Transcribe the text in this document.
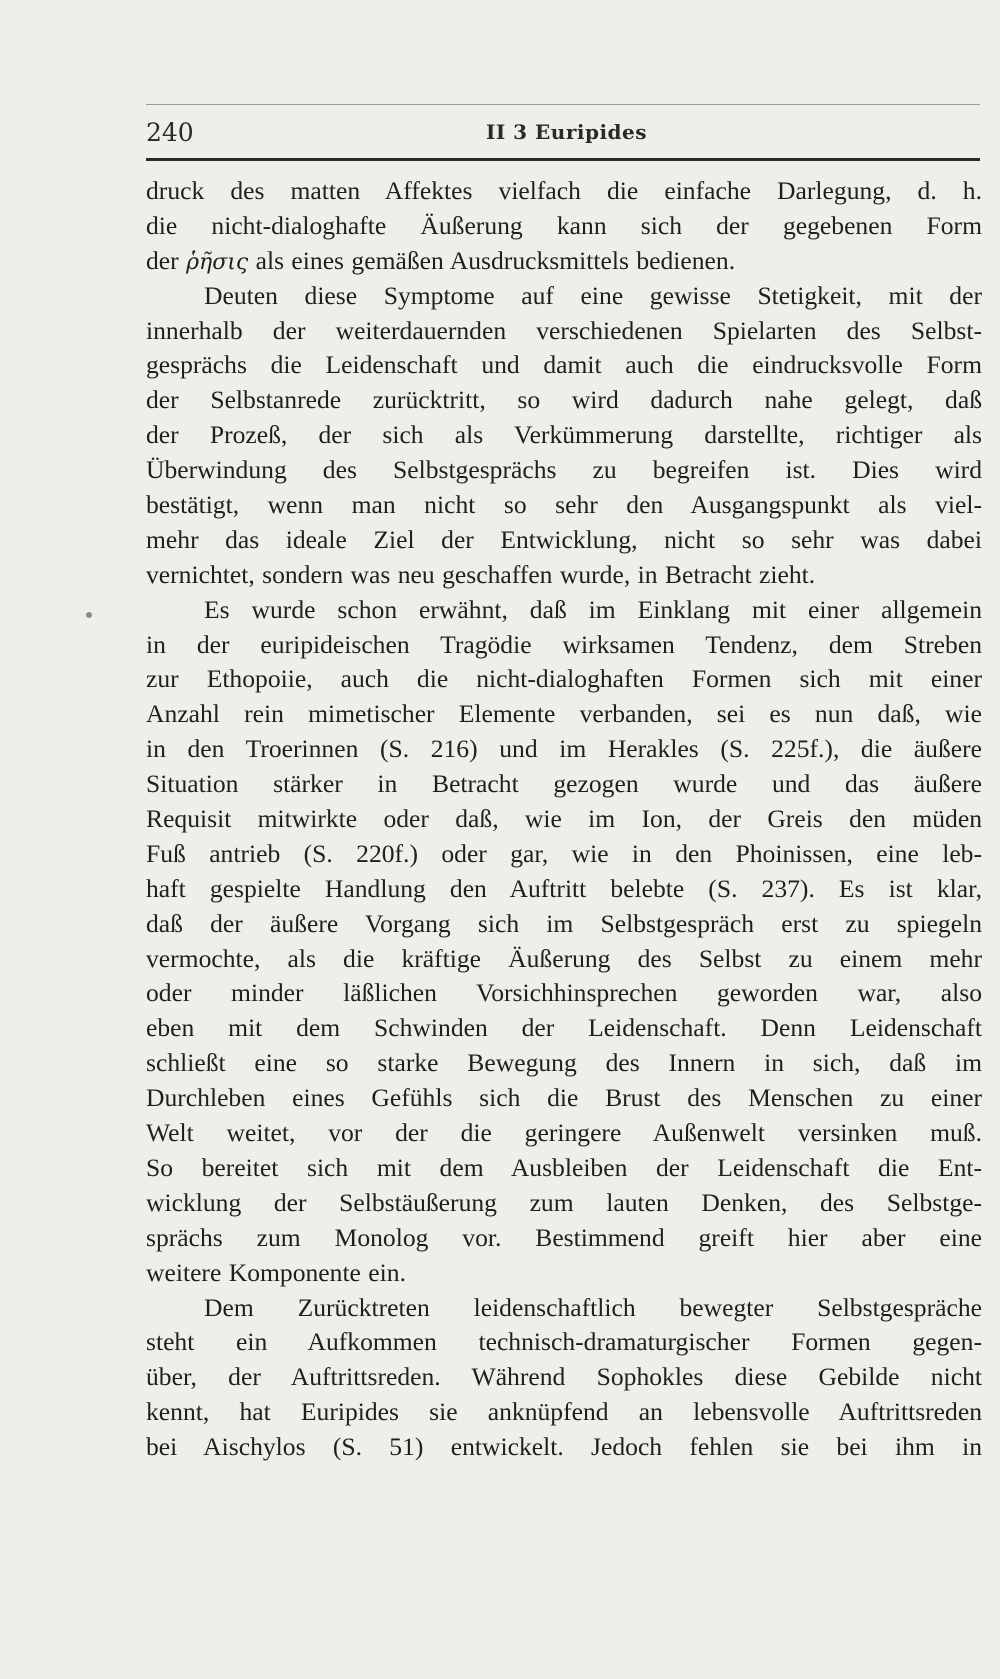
240	II 3 Euripides
druck des matten Affektes vielfach die einfache Darlegung, d. h.
die nicht-dialoghafte Äußerung kann sich der gegebenen Form
der ῥῆσις als eines gemäßen Ausdrucksmittels bedienen.
Deuten diese Symptome auf eine gewisse Stetigkeit, mit der
innerhalb der weiterdauernden verschiedenen Spielarten des Selbst-
gesprächs die Leidenschaft und damit auch die eindrucksvolle Form
der Selbstanrede zurücktritt, so wird dadurch nahe gelegt, daß
der Prozeß, der sich als Verkümmerung darstellte, richtiger als
Überwindung des Selbstgesprächs zu begreifen ist. Dies wird
bestätigt, wenn man nicht so sehr den Ausgangspunkt als viel-
mehr das ideale Ziel der Entwicklung, nicht so sehr was dabei
vernichtet, sondern was neu geschaffen wurde, in Betracht zieht.
Es wurde schon erwähnt, daß im Einklang mit einer allgemein
in der euripideischen Tragödie wirksamen Tendenz, dem Streben
zur Ethopoiie, auch die nicht-dialoghaften Formen sich mit einer
Anzahl rein mimetischer Elemente verbanden, sei es nun daß, wie
in den Troerinnen (S. 216) und im Herakles (S. 225f.), die äußere
Situation stärker in Betracht gezogen wurde und das äußere
Requisit mitwirkte oder daß, wie im Ion, der Greis den müden
Fuß antrieb (S. 220f.) oder gar, wie in den Phoinissen, eine leb-
haft gespielte Handlung den Auftritt belebte (S. 237). Es ist klar,
daß der äußere Vorgang sich im Selbstgespräch erst zu spiegeln
vermochte, als die kräftige Äußerung des Selbst zu einem mehr
oder minder läßlichen Vorsichhinsprechen geworden war, also
eben mit dem Schwinden der Leidenschaft. Denn Leidenschaft
schließt eine so starke Bewegung des Innern in sich, daß im
Durchleben eines Gefühls sich die Brust des Menschen zu einer
Welt weitet, vor der die geringere Außenwelt versinken muß.
So bereitet sich mit dem Ausbleiben der Leidenschaft die Ent-
wicklung der Selbstäußerung zum lauten Denken, des Selbstge-
sprächs zum Monolog vor. Bestimmend greift hier aber eine
weitere Komponente ein.
Dem Zurücktreten leidenschaftlich bewegter Selbstgespräche
steht ein Aufkommen technisch-dramaturgischer Formen gegen-
über, der Auftrittsreden. Während Sophokles diese Gebilde nicht
kennt, hat Euripides sie anknüpfend an lebensvolle Auftrittsreden
bei Aischylos (S. 51) entwickelt. Jedoch fehlen sie bei ihm in
